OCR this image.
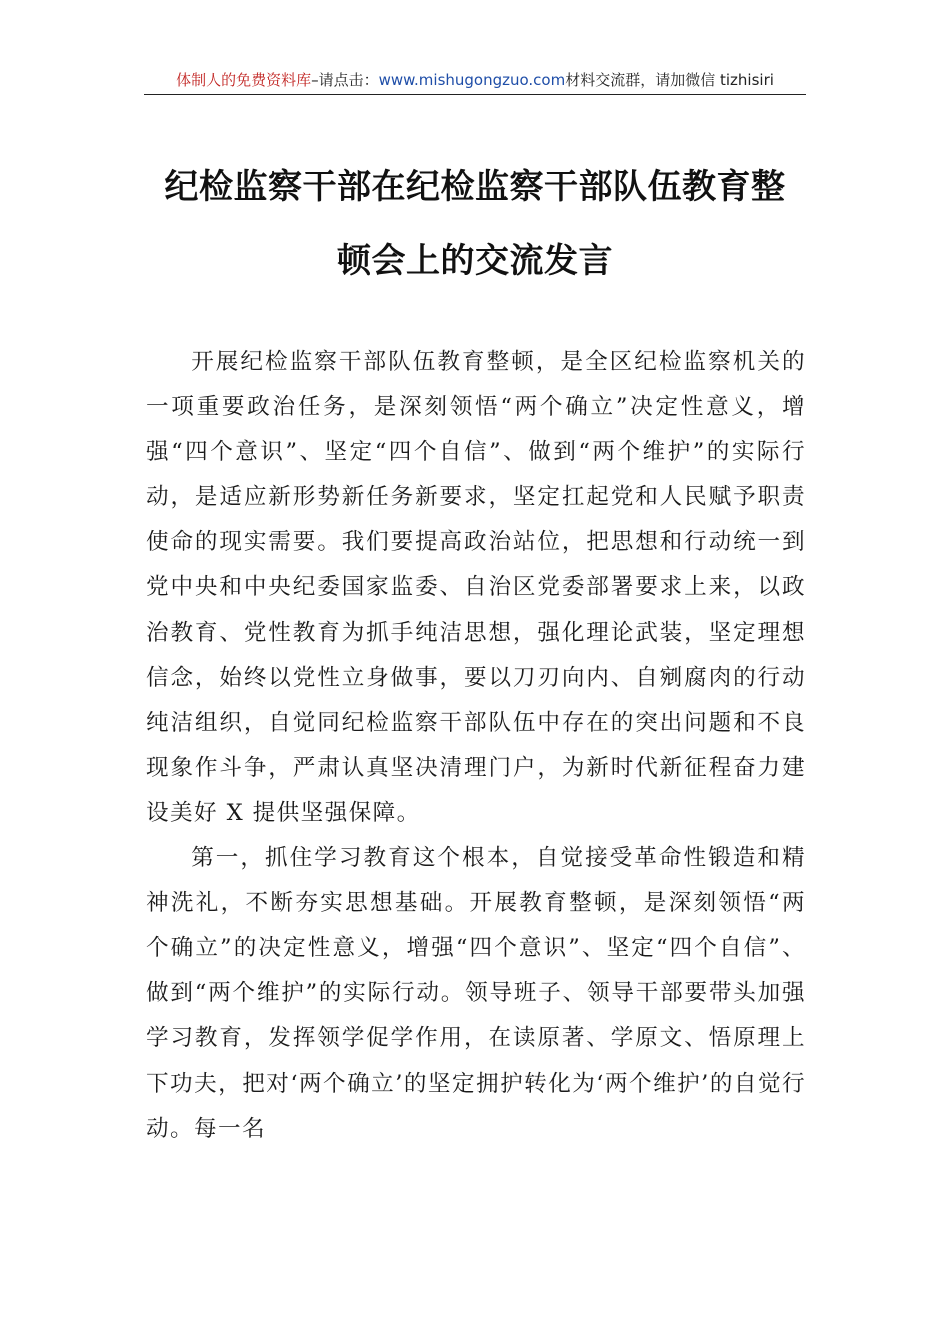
体制人的免费资料库–请点击：www.mishugongzuo.com材料交流群，请加微信 tizhisiri
纪检监察干部在纪检监察干部队伍教育整
顿会上的交流发言

开展纪检监察干部队伍教育整顿，是全区纪检监察机关的一项重要政治任务，是深刻领悟“两个确立”决定性意义，增强“四个意识”、坚定“四个自信”、做到“两个维护”的实际行动，是适应新形势新任务新要求，坚定扛起党和人民赋予职责使命的现实需要。我们要提高政治站位，把思想和行动统一到党中央和中央纪委国家监委、自治区党委部署要求上来，以政治教育、党性教育为抓手纯洁思想，强化理论武装，坚定理想信念，始终以党性立身做事，要以刀刃向内、自剜腐肉的行动纯洁组织，自觉同纪检监察干部队伍中存在的突出问题和不良现象作斗争，严肃认真坚决清理门户，为新时代新征程奋力建设美好 X 提供坚强保障。

第一，抓住学习教育这个根本，自觉接受革命性锻造和精神洗礼，不断夯实思想基础。开展教育整顿，是深刻领悟“两个确立”的决定性意义，增强“四个意识”、坚定“四个自信”、做到“两个维护”的实际行动。领导班子、领导干部要带头加强学习教育，发挥领学促学作用，在读原著、学原文、悟原理上下功夫，把对‘两个确立’的坚定拥护转化为‘两个维护’的自觉行动。每一名
